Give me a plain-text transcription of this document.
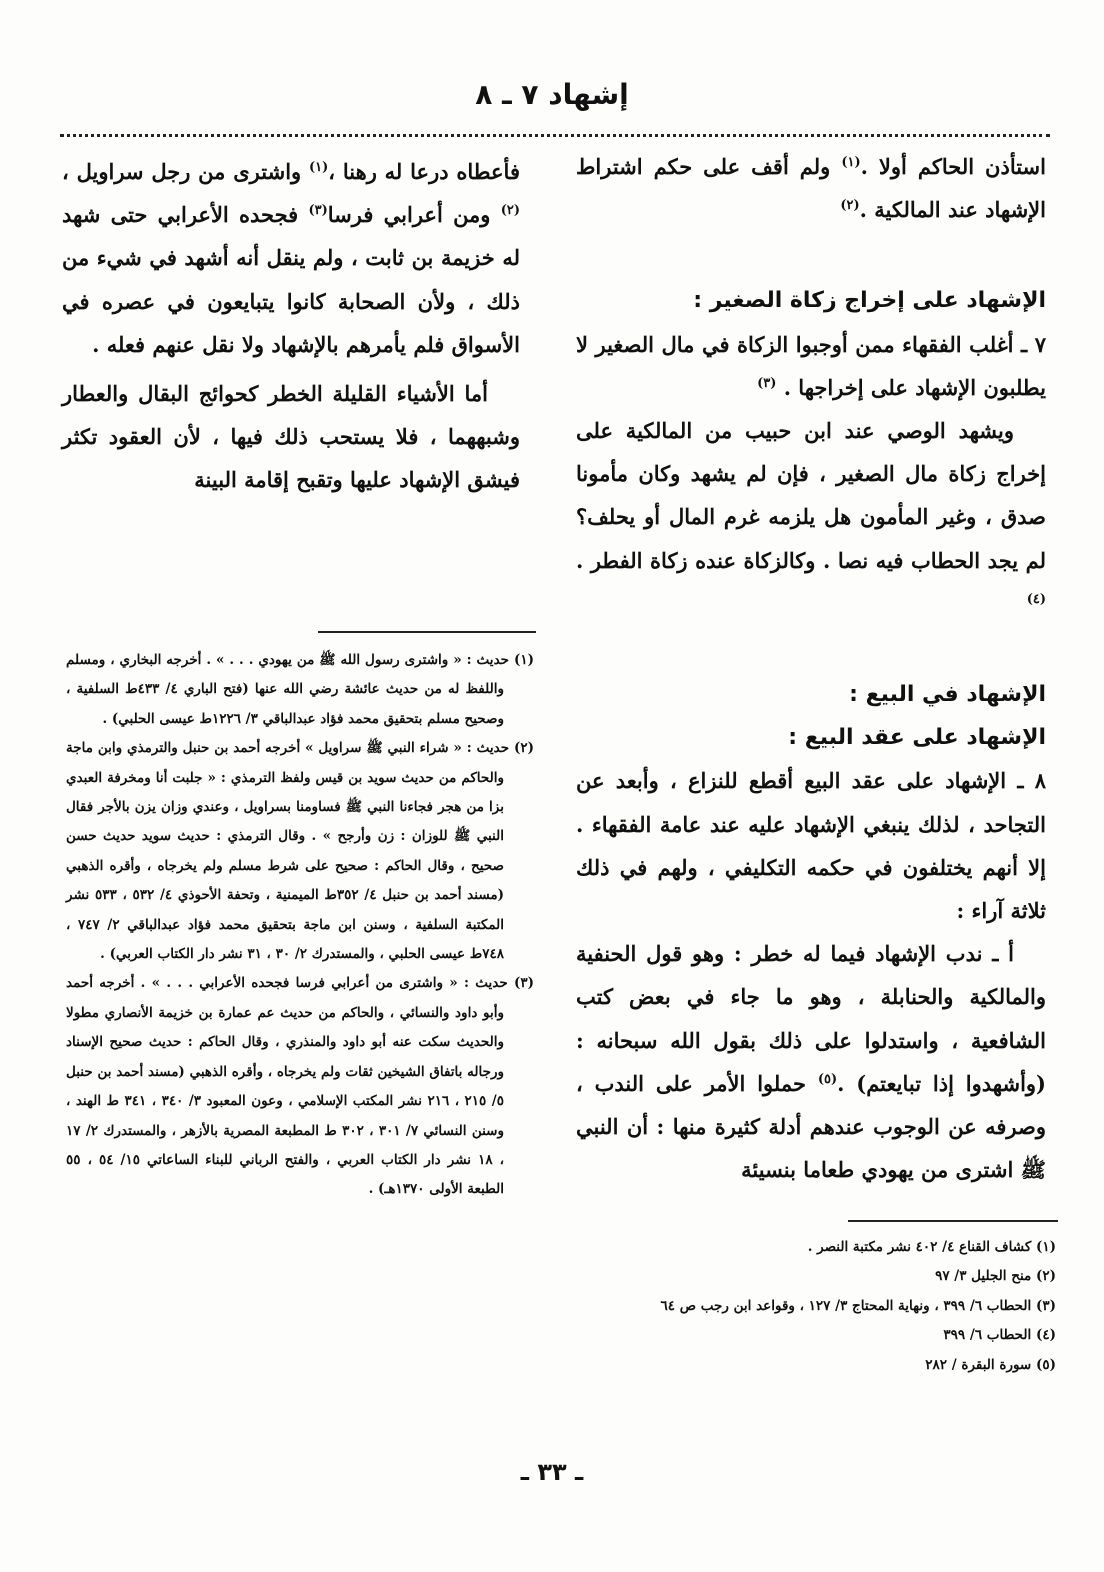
إشهاد ٧ ـ ٨

استأذن الحاكم أولا .$^{(١)}$ ولم أقف على حكم اشتراط الإشهاد عند المالكية .$^{(٢)}$

الإشهاد على إخراج زكاة الصغير :

٧ ـ أغلب الفقهاء ممن أوجبوا الزكاة في مال الصغير لا يطلبون الإشهاد على إخراجها . $^{(٣)}$

ويشهد الوصي عند ابن حبيب من المالكية على إخراج زكاة مال الصغير ، فإن لم يشهد وكان مأمونا صدق ، وغير المأمون هل يلزمه غرم المال أو يحلف؟ لم يجد الحطاب فيه نصا . وكالزكاة عنده زكاة الفطر . $^{(٤)}$

الإشهاد في البيع :
الإشهاد على عقد البيع :

٨ ـ الإشهاد على عقد البيع أقطع للنزاع ، وأبعد عن التجاحد ، لذلك ينبغي الإشهاد عليه عند عامة الفقهاء . إلا أنهم يختلفون في حكمه التكليفي ، ولهم في ذلك ثلاثة آراء :

أ ـ ندب الإشهاد فيما له خطر : وهو قول الحنفية والمالكية والحنابلة ، وهو ما جاء في بعض كتب الشافعية ، واستدلوا على ذلك بقول الله سبحانه : (وأشهدوا إذا تبايعتم) .$^{(٥)}$ حملوا الأمر على الندب ، وصرفه عن الوجوب عندهم أدلة كثيرة منها : أن النبي ﷺ اشترى من يهودي طعاما بنسيئة

فأعطاه درعا له رهنا ،$^{(١)}$ واشترى من رجل سراويل ،$^{(٢)}$ ومن أعرابي فرسا$^{(٣)}$ فجحده الأعرابي حتى شهد له خزيمة بن ثابت ، ولم ينقل أنه أشهد في شيء من ذلك ، ولأن الصحابة كانوا يتبايعون في عصره في الأسواق فلم يأمرهم بالإشهاد ولا نقل عنهم فعله .

أما الأشياء القليلة الخطر كحوائج البقال والعطار وشبههما ، فلا يستحب ذلك فيها ، لأن العقود تكثر فيشق الإشهاد عليها وتقبح إقامة البينة

(١) حديث : « واشترى رسول الله ﷺ من يهودي . . . » . أخرجه البخاري ، ومسلم واللفظ له من حديث عائشة رضي الله عنها (فتح الباري ٤/ ٤٣٣ط السلفية ، وصحيح مسلم بتحقيق محمد فؤاد عبدالباقي ٣/ ١٢٢٦ط عيسى الحلبي) .

(٢) حديث : « شراء النبي ﷺ سراويل » أخرجه أحمد بن حنبل والترمذي وابن ماجة والحاكم من حديث سويد بن قيس ولفظ الترمذي : « جلبت أنا ومخرفة العبدي بزا من هجر فجاءنا النبي ﷺ فساومنا بسراويل ، وعندي وزان يزن بالأجر فقال النبي ﷺ للوزان : زن وأرجح » . وقال الترمذي : حديث سويد حديث حسن صحيح ، وقال الحاكم : صحيح على شرط مسلم ولم يخرجاه ، وأقره الذهبي (مسند أحمد بن حنبل ٤/ ٣٥٢ط الميمنية ، وتحفة الأحوذي ٤/ ٥٣٢ ، ٥٣٣ نشر المكتبة السلفية ، وسنن ابن ماجة بتحقيق محمد فؤاد عبدالباقي ٢/ ٧٤٧ ، ٧٤٨ط عيسى الحلبي ، والمستدرك ٢/ ٣٠ ، ٣١ نشر دار الكتاب العربي) .

(٣) حديث : « واشترى من أعرابي فرسا فجحده الأعرابي . . . » . أخرجه أحمد وأبو داود والنسائي ، والحاكم من حديث عم عمارة بن خزيمة الأنصاري مطولا والحديث سكت عنه أبو داود والمنذري ، وقال الحاكم : حديث صحيح الإسناد ورجاله باتفاق الشيخين ثقات ولم يخرجاه ، وأقره الذهبي (مسند أحمد بن حنبل ٥/ ٢١٥ ، ٢١٦ نشر المكتب الإسلامي ، وعون المعبود ٣/ ٣٤٠ ، ٣٤١ ط الهند ، وسنن النسائي ٧/ ٣٠١ ، ٣٠٢ ط المطبعة المصرية بالأزهر ، والمستدرك ٢/ ١٧ ، ١٨ نشر دار الكتاب العربي ، والفتح الرباني للبناء الساعاتي ١٥/ ٥٤ ، ٥٥ الطبعة الأولى ١٣٧٠هـ) .

(١) كشاف القناع ٤/ ٤٠٢ نشر مكتبة النصر .

(٢) منح الجليل ٣/ ٩٧

(٣) الحطاب ٦/ ٣٩٩ ، ونهاية المحتاج ٣/ ١٢٧ ، وقواعد ابن رجب ص ٦٤

(٤) الحطاب ٦/ ٣٩٩

(٥) سورة البقرة / ٢٨٢

ـ ٣٣ ـ
